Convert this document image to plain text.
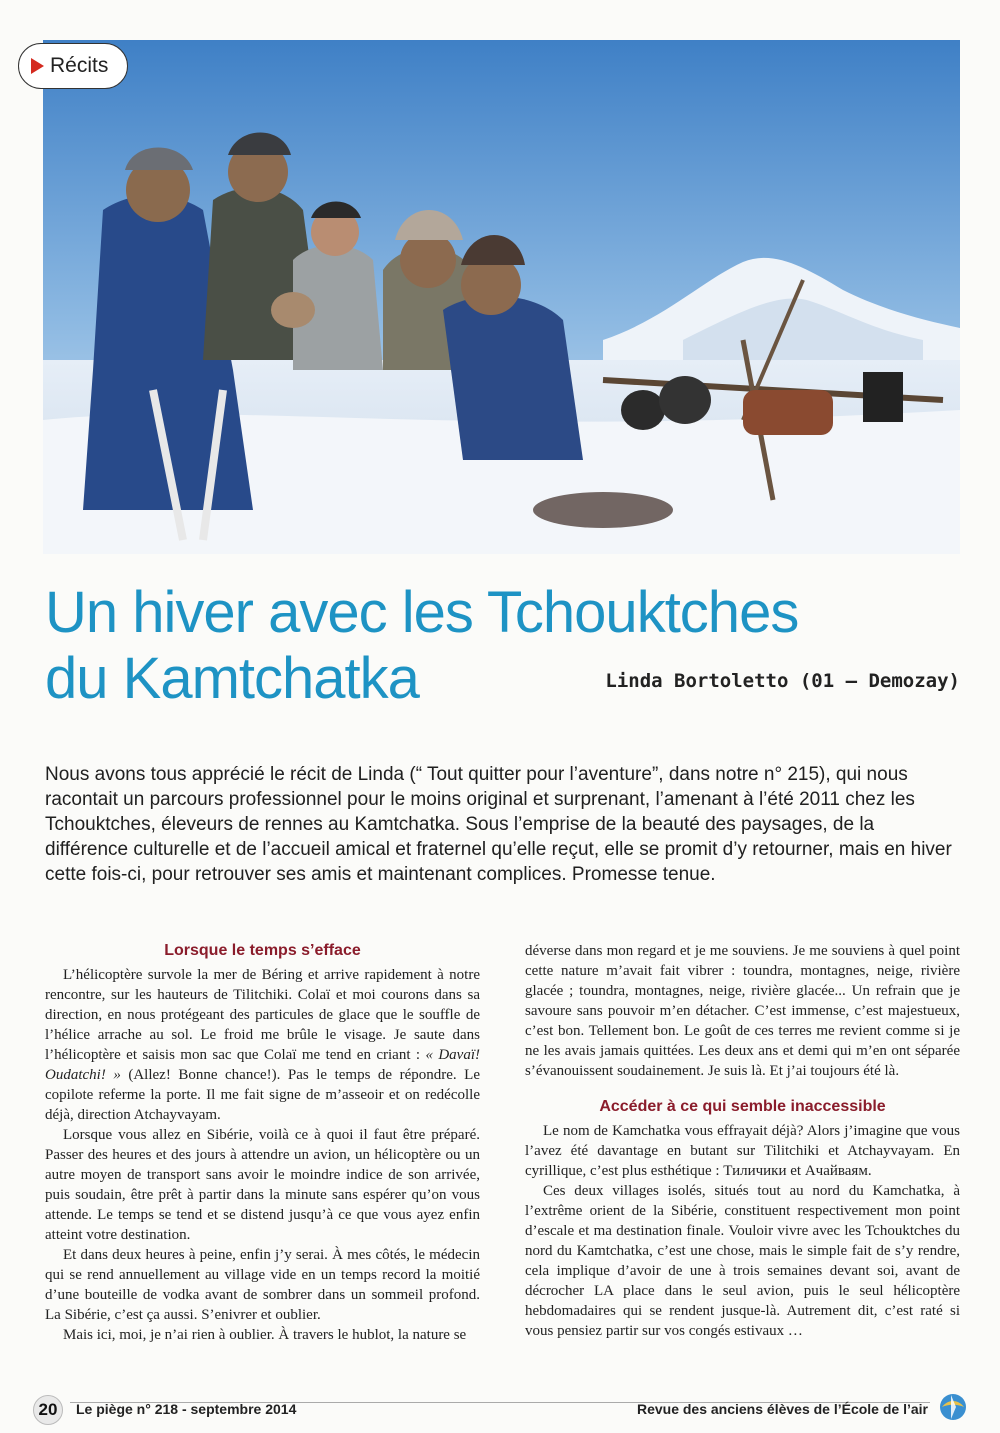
Récits
Un hiver avec les Tchouktches
du Kamtchatka	Linda Bortoletto (01 – Demozay)

Nous avons tous apprécié le récit de Linda (“ Tout quitter pour l’aventure”, dans notre n° 215), qui nous racontait un parcours professionnel pour le moins original et surprenant, l’amenant à l’été 2011 chez les Tchouktches, éleveurs de rennes au Kamtchatka. Sous l’emprise de la beauté des paysages, de la différence culturelle et de l’accueil amical et fraternel qu’elle reçut, elle se promit d’y retourner, mais en hiver cette fois-ci, pour retrouver ses amis et maintenant complices. Promesse tenue.

Lorsque le temps s’efface

L’hélicoptère survole la mer de Béring et arrive rapidement à notre rencontre, sur les hauteurs de Tilitchiki. Colaï et moi courons dans sa direction, en nous protégeant des particules de glace que le souffle de l’hélice arrache au sol. Le froid me brûle le visage. Je saute dans l’hélicoptère et saisis mon sac que Colaï me tend en criant : « Davaï! Oudatchi! » (Allez! Bonne chance!). Pas le temps de répondre. Le copilote referme la porte. Il me fait signe de m’asseoir et on redécolle déjà, direction Atchayvayam.

Lorsque vous allez en Sibérie, voilà ce à quoi il faut être préparé. Passer des heures et des jours à attendre un avion, un hélicoptère ou un autre moyen de transport sans avoir le moindre indice de son arrivée, puis soudain, être prêt à partir dans la minute sans espérer qu’on vous attende. Le temps se tend et se distend jusqu’à ce que vous ayez enfin atteint votre destination.

Et dans deux heures à peine, enfin j’y serai. À mes côtés, le médecin qui se rend annuellement au village vide en un temps record la moitié d’une bouteille de vodka avant de sombrer dans un sommeil profond. La Sibérie, c’est ça aussi. S’enivrer et oublier.

Mais ici, moi, je n’ai rien à oublier. À travers le hublot, la nature se

déverse dans mon regard et je me souviens. Je me souviens à quel point cette nature m’avait fait vibrer : toundra, montagnes, neige, rivière glacée ; toundra, montagnes, neige, rivière glacée... Un refrain que je savoure sans pouvoir m’en détacher. C’est immense, c’est majestueux, c’est bon. Tellement bon. Le goût de ces terres me revient comme si je ne les avais jamais quittées. Les deux ans et demi qui m’en ont séparée s’évanouissent soudainement. Je suis là. Et j’ai toujours été là.

Accéder à ce qui semble inaccessible

Le nom de Kamchatka vous effrayait déjà? Alors j’imagine que vous l’avez été davantage en butant sur Tilitchiki et Atchayvayam. En cyrillique, c’est plus esthétique : Тиличики et Ачайваям.

Ces deux villages isolés, situés tout au nord du Kamchatka, à l’extrême orient de la Sibérie, constituent respectivement mon point d’escale et ma destination finale. Vouloir vivre avec les Tchouktches du nord du Kamtchatka, c’est une chose, mais le simple fait de s’y rendre, cela implique d’avoir de une à trois semaines devant soi, avant de décrocher LA place dans le seul avion, puis le seul hélicoptère hebdomadaires qui se rendent jusque-là. Autrement dit, c’est raté si vous pensiez partir sur vos congés estivaux …

20	Le piège n° 218 - septembre 2014	Revue des anciens élèves de l’École de l’air
